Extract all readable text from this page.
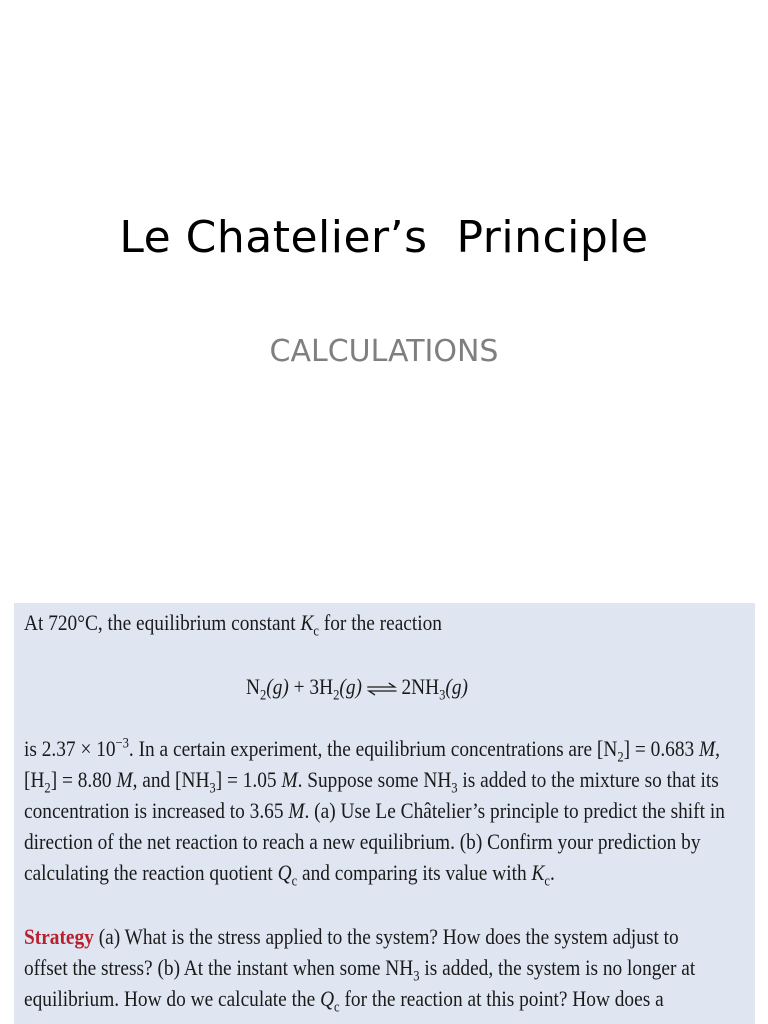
Le Chatelier’s  Principle
CALCULATIONS
At 720°C, the equilibrium constant $K_c$ for the reaction
$N_2(g) + 3H_2(g)$ ⇌ $2NH_3(g)$
is $2.37 \times 10^{-3}$. In a certain experiment, the equilibrium concentrations are $[N_2] = 0.683$ M,
$[H_2] = 8.80$ M, and $[NH_3] = 1.05$ M. Suppose some $NH_3$ is added to the mixture so that its
concentration is increased to 3.65 M. (a) Use Le Châtelier’s principle to predict the shift in
direction of the net reaction to reach a new equilibrium. (b) Confirm your prediction by
calculating the reaction quotient $Q_c$ and comparing its value with $K_c$.
Strategy (a) What is the stress applied to the system? How does the system adjust to
offset the stress? (b) At the instant when some $NH_3$ is added, the system is no longer at
equilibrium. How do we calculate the $Q_c$ for the reaction at this point? How does a
